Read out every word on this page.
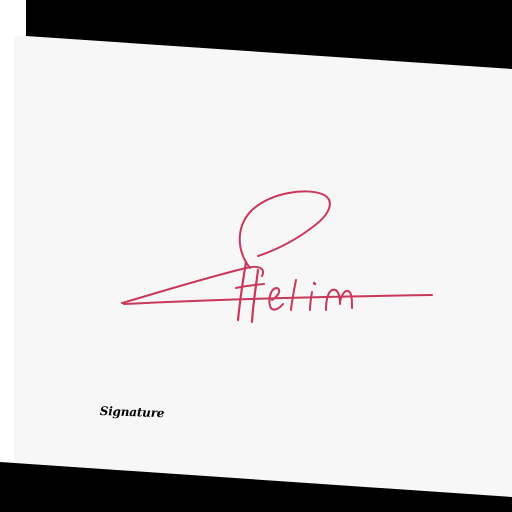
Signature
